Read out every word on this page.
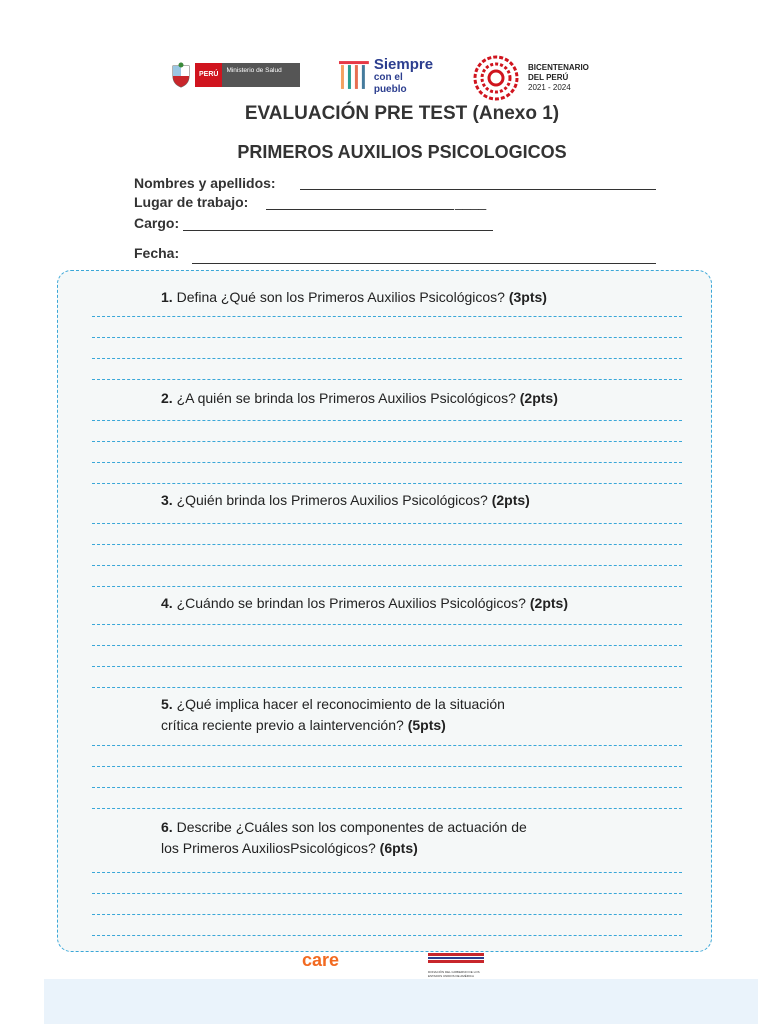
PERÚ
Ministerio de Salud	Siempre
con el pueblo
BICENTENARIO
DEL PERÚ
2021 - 2024
EVALUACIÓN PRE TEST (Anexo 1)
PRIMEROS AUXILIOS PSICOLOGICOS
Nombres y apellidos:
Lugar de trabajo:	____
Cargo:
Fecha:
1. Defina ¿Qué son los Primeros Auxilios Psicológicos? (3pts)
2. ¿A quién se brinda los Primeros Auxilios Psicológicos? (2pts)
3. ¿Quién brinda los Primeros Auxilios Psicológicos? (2pts)
4. ¿Cuándo se brindan los Primeros Auxilios Psicológicos? (2pts)
5. ¿Qué implica hacer el reconocimiento de la situación
crítica reciente previo a laintervención? (5pts)
6. Describe ¿Cuáles son los componentes de actuación de
los Primeros AuxiliosPsicológicos? (6pts)
care
DONACIÓN DEL GOBIERNO DE LOS ESTADOS UNIDOS DE AMÉRICA
